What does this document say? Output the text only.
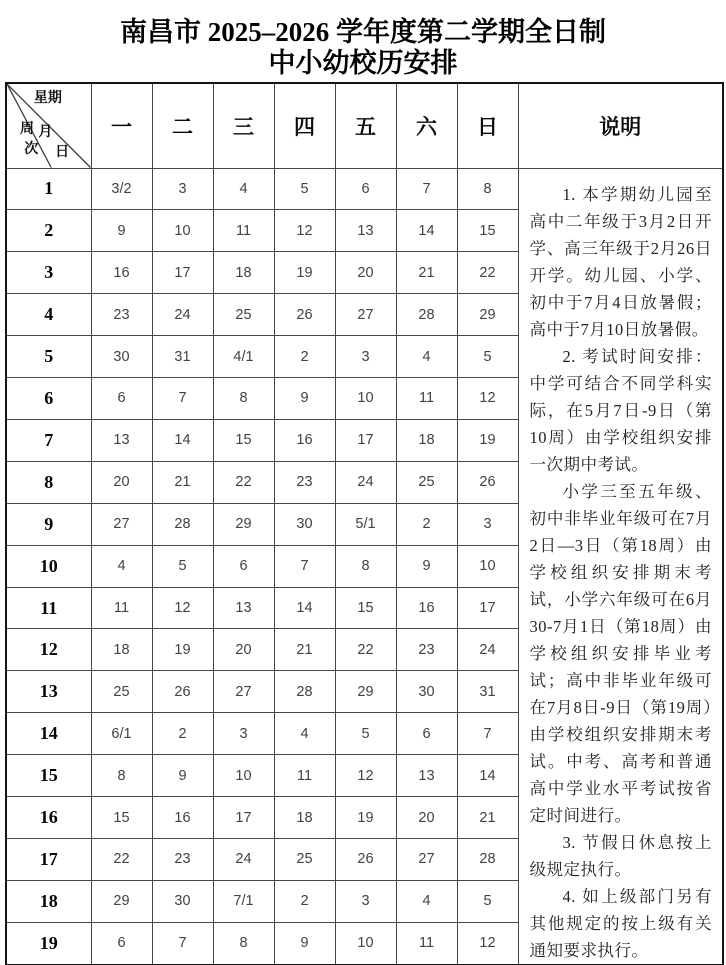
南昌市 2025–2026 学年度第二学期全日制
中小幼校历安排
星期
周 月
次 日	一	二	三	四	五	六	日	说明
1	3/2	3	4	5	6	7	8	1. 本学期幼儿园至高中二年级于3月2日开学、高三年级于2月26日开学。幼儿园、小学、初中于7月4日放暑假；高中于7月10日放暑假。

2. 考试时间安排：中学可结合不同学科实际，在5月7日-9日（第10周）由学校组织安排一次期中考试。

小学三至五年级、初中非毕业年级可在7月2日—3日（第18周）由学校组织安排期末考试，小学六年级可在6月30-7月1日（第18周）由学校组织安排毕业考试；高中非毕业年级可在7月8日-9日（第19周）由学校组织安排期末考试。中考、高考和普通高中学业水平考试按省定时间进行。

3. 节假日休息按上级规定执行。

4. 如上级部门另有其他规定的按上级有关通知要求执行。

2	9	10	11	12	13	14	15	
3	16	17	18	19	20	21	22	
4	23	24	25	26	27	28	29	
5	30	31	4/1	2	3	4	5	
6	6	7	8	9	10	11	12	
7	13	14	15	16	17	18	19	
8	20	21	22	23	24	25	26	
9	27	28	29	30	5/1	2	3	
10	4	5	6	7	8	9	10	
11	11	12	13	14	15	16	17	
12	18	19	20	21	22	23	24	
13	25	26	27	28	29	30	31	
14	6/1	2	3	4	5	6	7	
15	8	9	10	11	12	13	14	
16	15	16	17	18	19	20	21	
17	22	23	24	25	26	27	28	
18	29	30	7/1	2	3	4	5	
19	6	7	8	9	10	11	12	
